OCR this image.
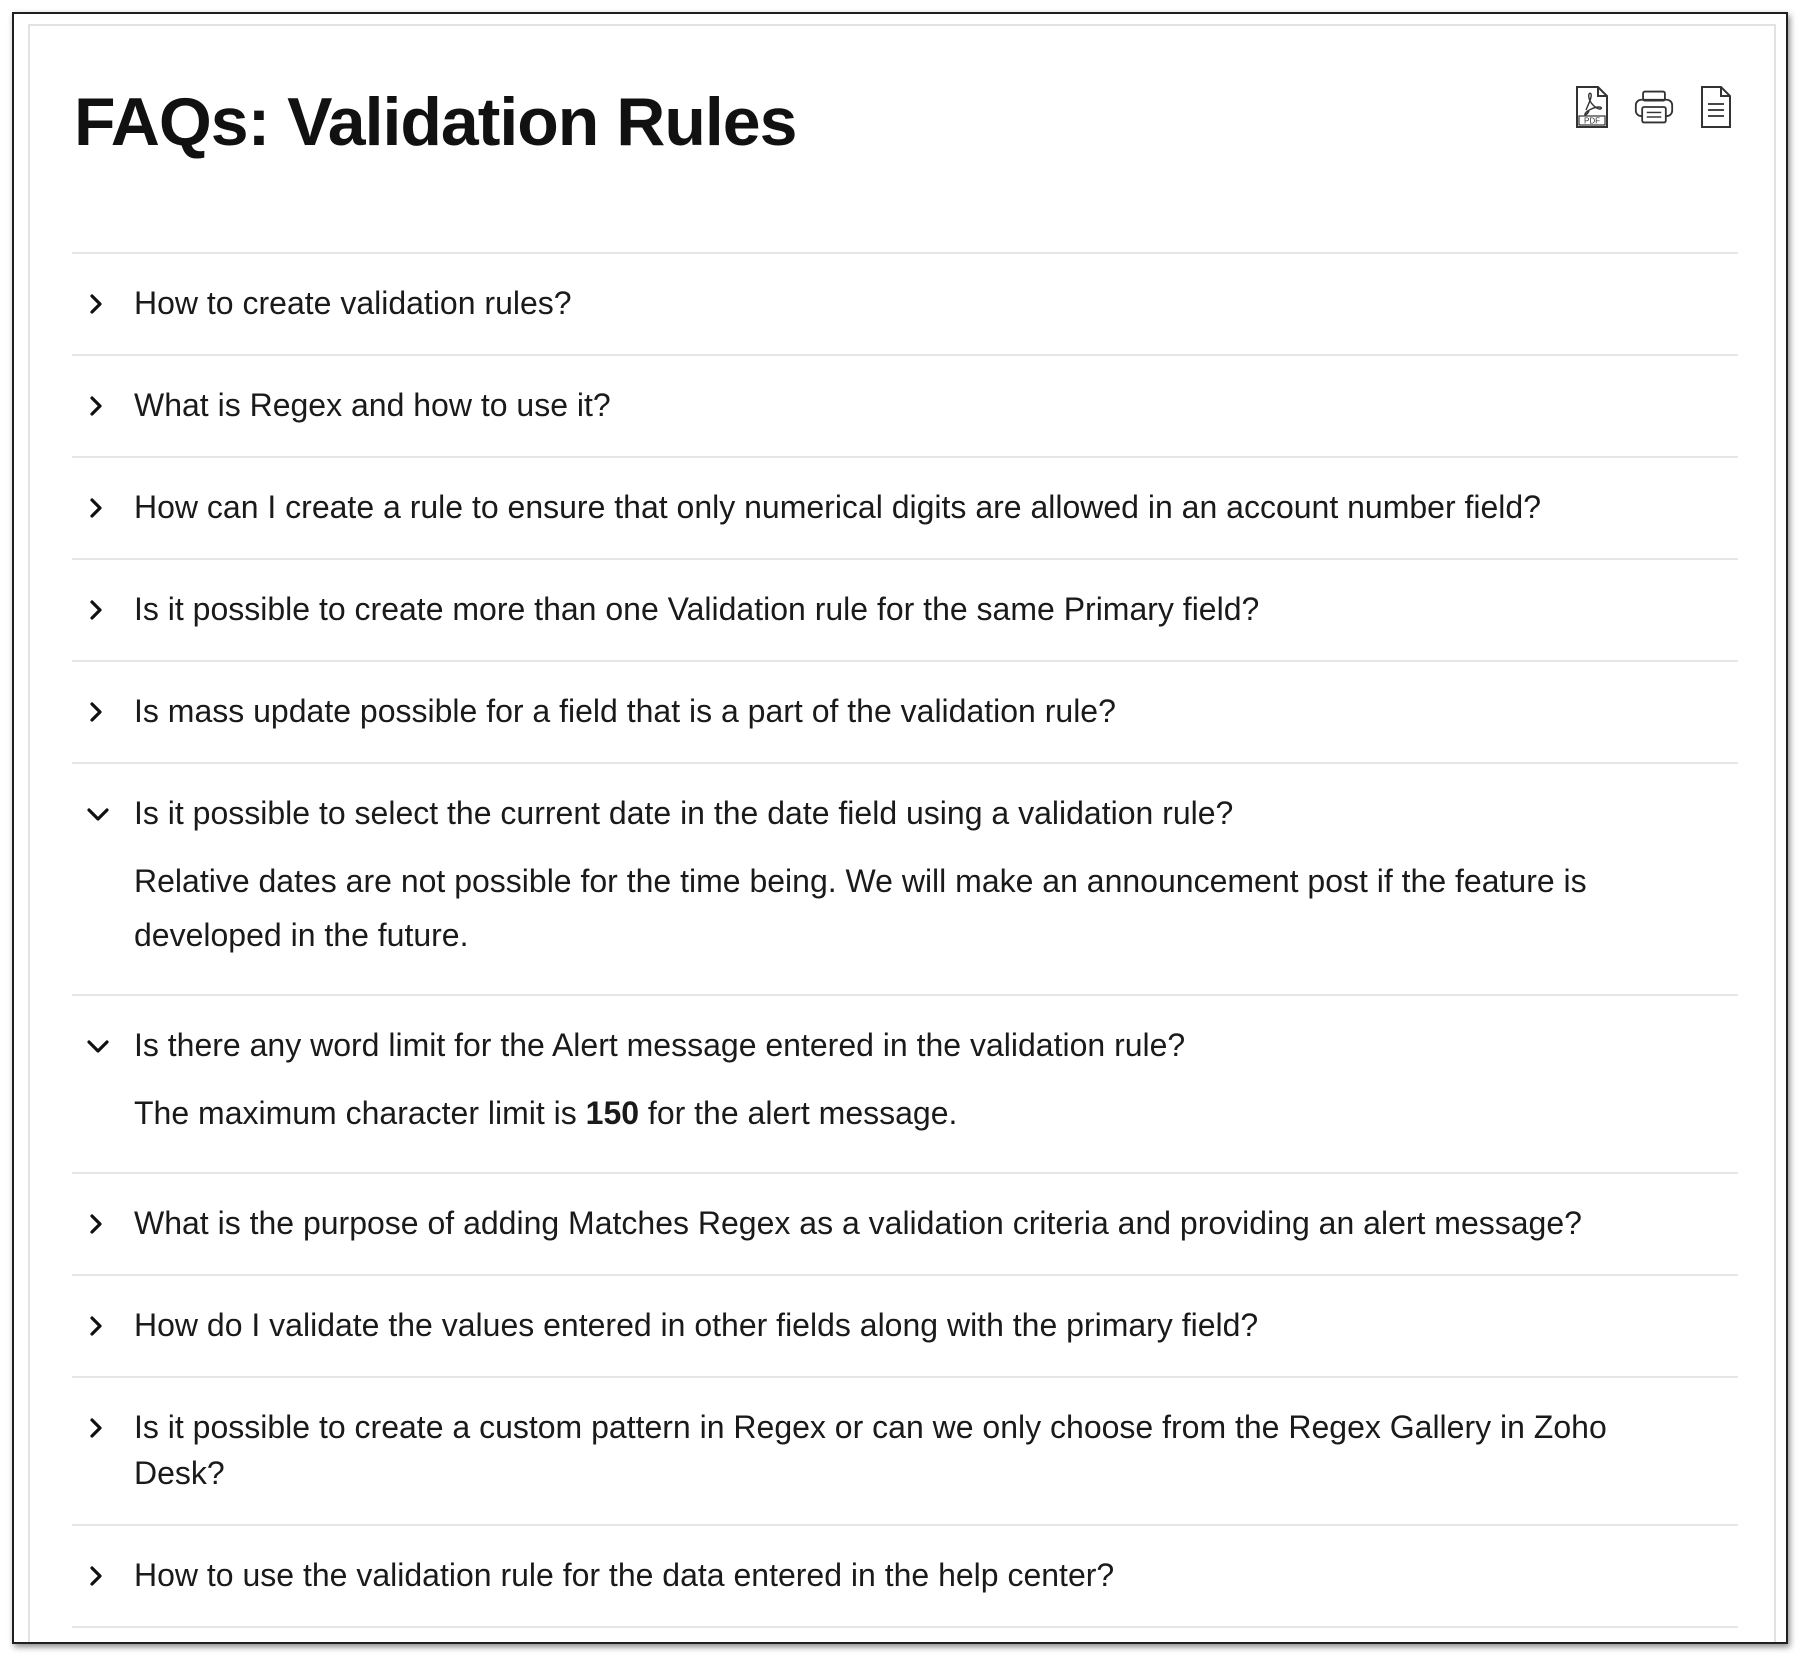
FAQs: Validation Rules	PDF
How to create validation rules?
What is Regex and how to use it?
How can I create a rule to ensure that only numerical digits are allowed in an account number field?
Is it possible to create more than one Validation rule for the same Primary field?
Is mass update possible for a field that is a part of the validation rule?
Is it possible to select the current date in the date field using a validation rule?
Relative dates are not possible for the time being. We will make an announcement post if the feature is developed in the future.
Is there any word limit for the Alert message entered in the validation rule?
The maximum character limit is 150 for the alert message.
What is the purpose of adding Matches Regex as a validation criteria and providing an alert message?
How do I validate the values entered in other fields along with the primary field?
Is it possible to create a custom pattern in Regex or can we only choose from the Regex Gallery in Zoho Desk?
How to use the validation rule for the data entered in the help center?
